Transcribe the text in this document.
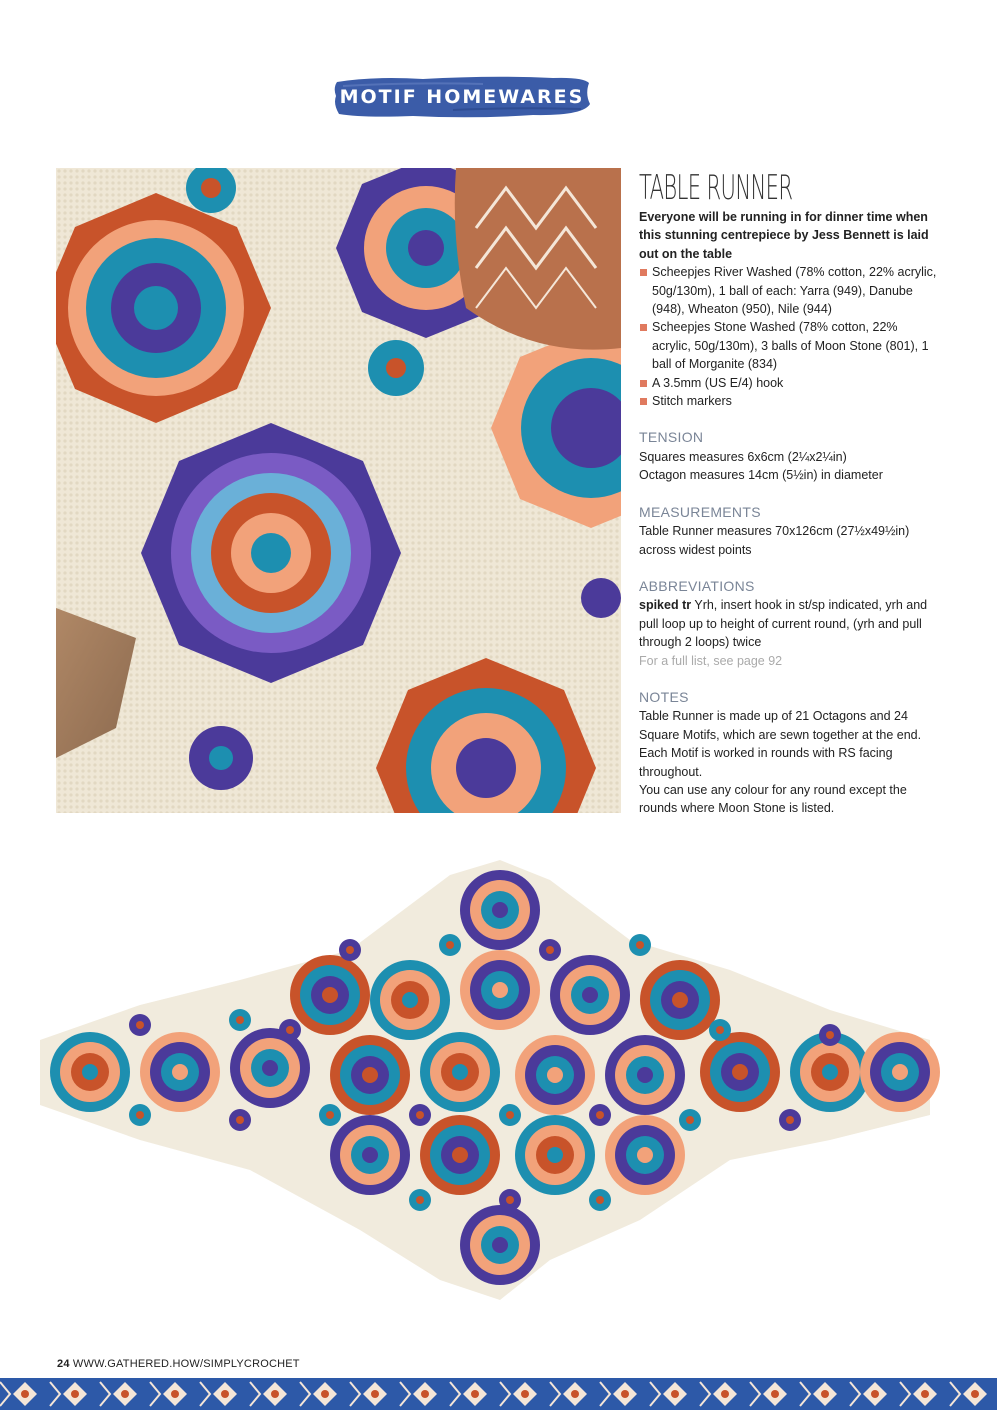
MOTIF HOMEWARES
TABLE RUNNER

Everyone will be running in for dinner time when this stunning centrepiece by Jess Bennett is laid out on the table

Scheepjes River Washed (78% cotton, 22% acrylic, 50g/130m), 1 ball of each: Yarra (949), Danube (948), Wheaton (950), Nile (944)
Scheepjes Stone Washed (78% cotton, 22% acrylic, 50g/130m), 3 balls of Moon Stone (801), 1 ball of Morganite (834)
A 3.5mm (US E/4) hook
Stitch markers
TENSION

Squares measures 6x6cm (2¼x2¼in)

Octagon measures 14cm (5½in) in diameter

MEASUREMENTS

Table Runner measures 70x126cm (27½x49½in) across widest points

ABBREVIATIONS

spiked tr Yrh, insert hook in st/sp indicated, yrh and pull loop up to height of current round, (yrh and pull through 2 loops) twice

For a full list, see page 92

NOTES

Table Runner is made up of 21 Octagons and 24 Square Motifs, which are sewn together at the end. Each Motif is worked in rounds with RS facing throughout.

You can use any colour for any round except the rounds where Moon Stone is listed.

24 WWW.GATHERED.HOW/SIMPLYCROCHET
